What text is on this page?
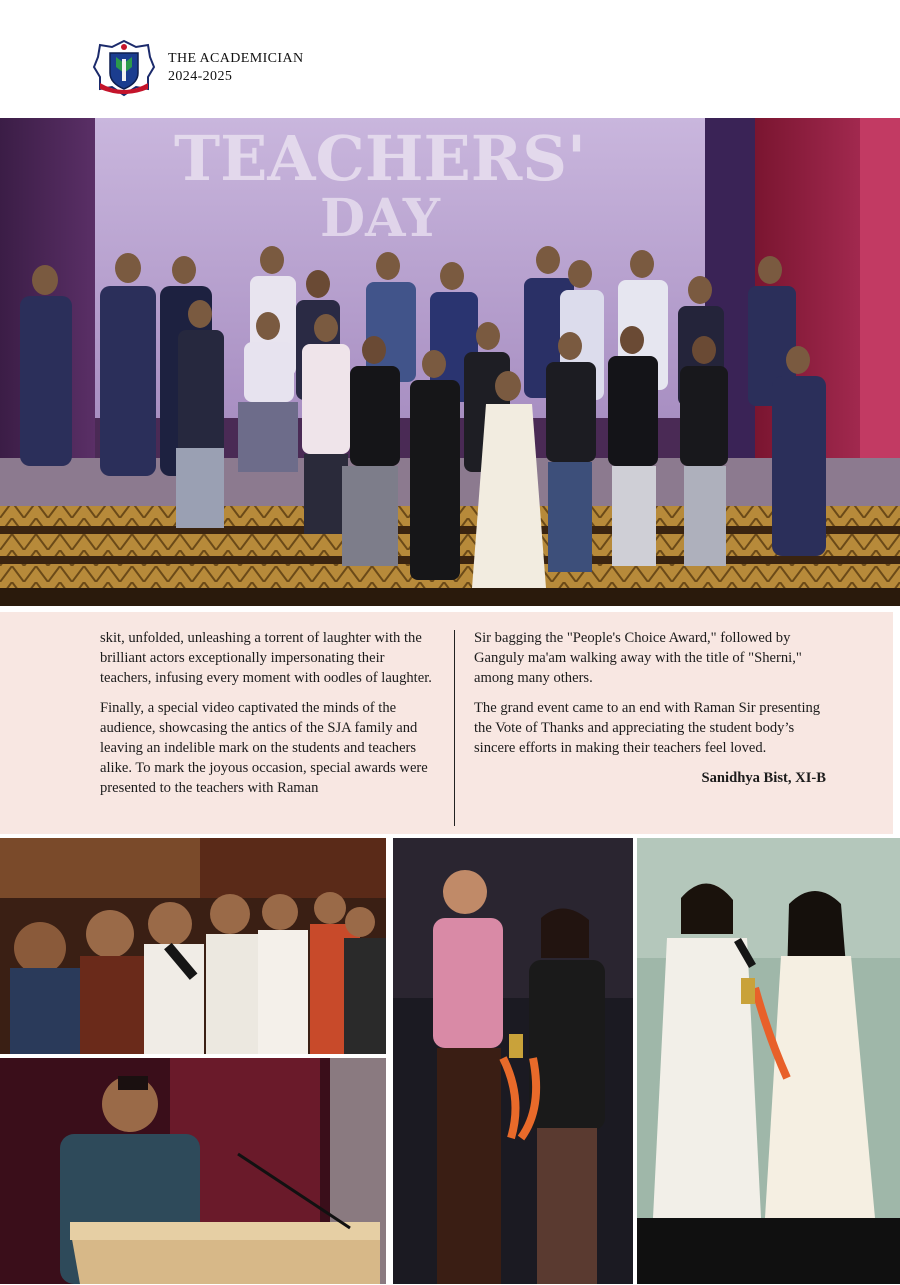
THE ACADEMICIAN
2024-2025
TEACHERS'
DAY

skit, unfolded, unleashing a torrent of laughter with the brilliant actors exceptionally impersonating their teachers, infusing every moment with oodles of laughter.

Finally, a special video captivated the minds of the audience, showcasing the antics of the SJA family and leaving an indelible mark on the students and teachers alike. To mark the joyous occasion, special awards were presented to the teachers with Raman

Sir bagging the "People's Choice Award," followed by Ganguly ma'am walking away with the title of "Sherni," among many others.

The grand event came to an end with Raman Sir presenting the Vote of Thanks and appreciating the student body’s sincere efforts in making their teachers feel loved.

Sanidhya Bist, XI-B
